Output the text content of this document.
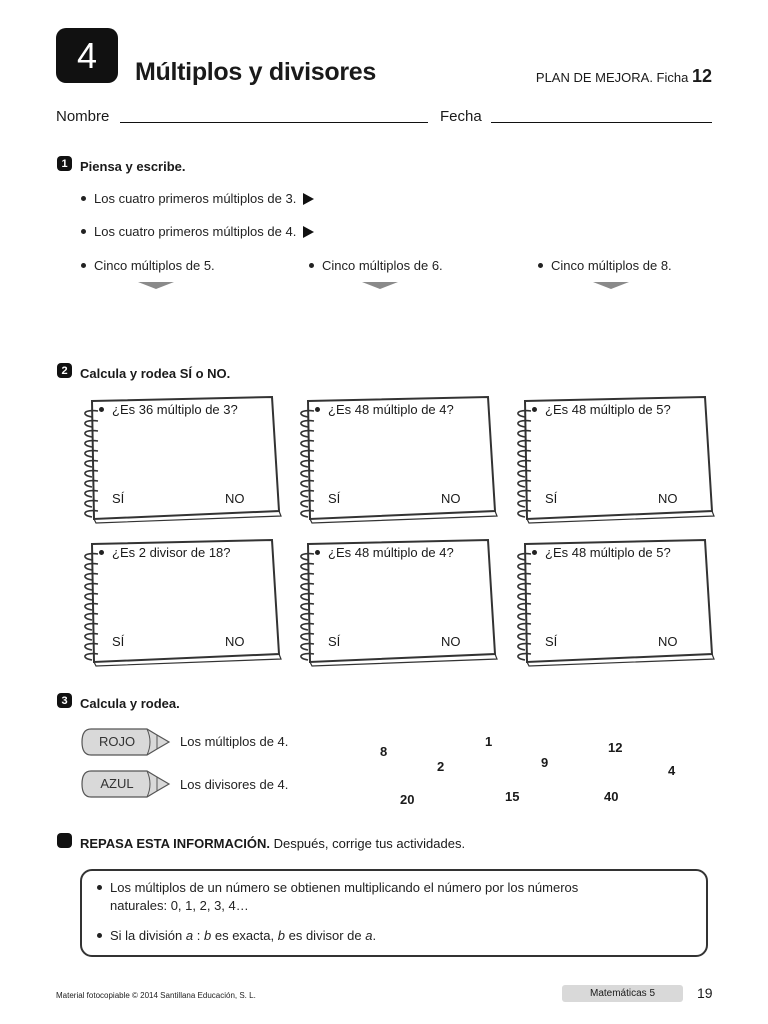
4	Múltiplos y divisores	PLAN DE MEJORA. Ficha 12
Nombre	Fecha
1 Piensa y escribe.
Los cuatro primeros múltiplos de 3.
Los cuatro primeros múltiplos de 4.
Cinco múltiplos de 5.	Cinco múltiplos de 6.	Cinco múltiplos de 8.
2 Calcula y rodea SÍ o NO.
¿Es 36 múltiplo de 3?
SÍ	NO
¿Es 48 múltiplo de 4?
SÍ	NO
¿Es 48 múltiplo de 5?
SÍ	NO
¿Es 2 divisor de 18?
SÍ	NO
¿Es 48 múltiplo de 4?
SÍ	NO
¿Es 48 múltiplo de 5?
SÍ	NO
3 Calcula y rodea.
ROJO	Los múltiplos de 4.
AZUL	Los divisores de 4.
8
1	12
2	9
4
20	15	40
REPASA ESTA INFORMACIÓN. Después, corrige tus actividades.
Los múltiplos de un número se obtienen multiplicando el número por los números
naturales: 0, 1, 2, 3, 4…
Si la división a : b es exacta, b es divisor de a.
Material fotocopiable © 2014 Santillana Educación, S. L.	Matemáticas 5	19
